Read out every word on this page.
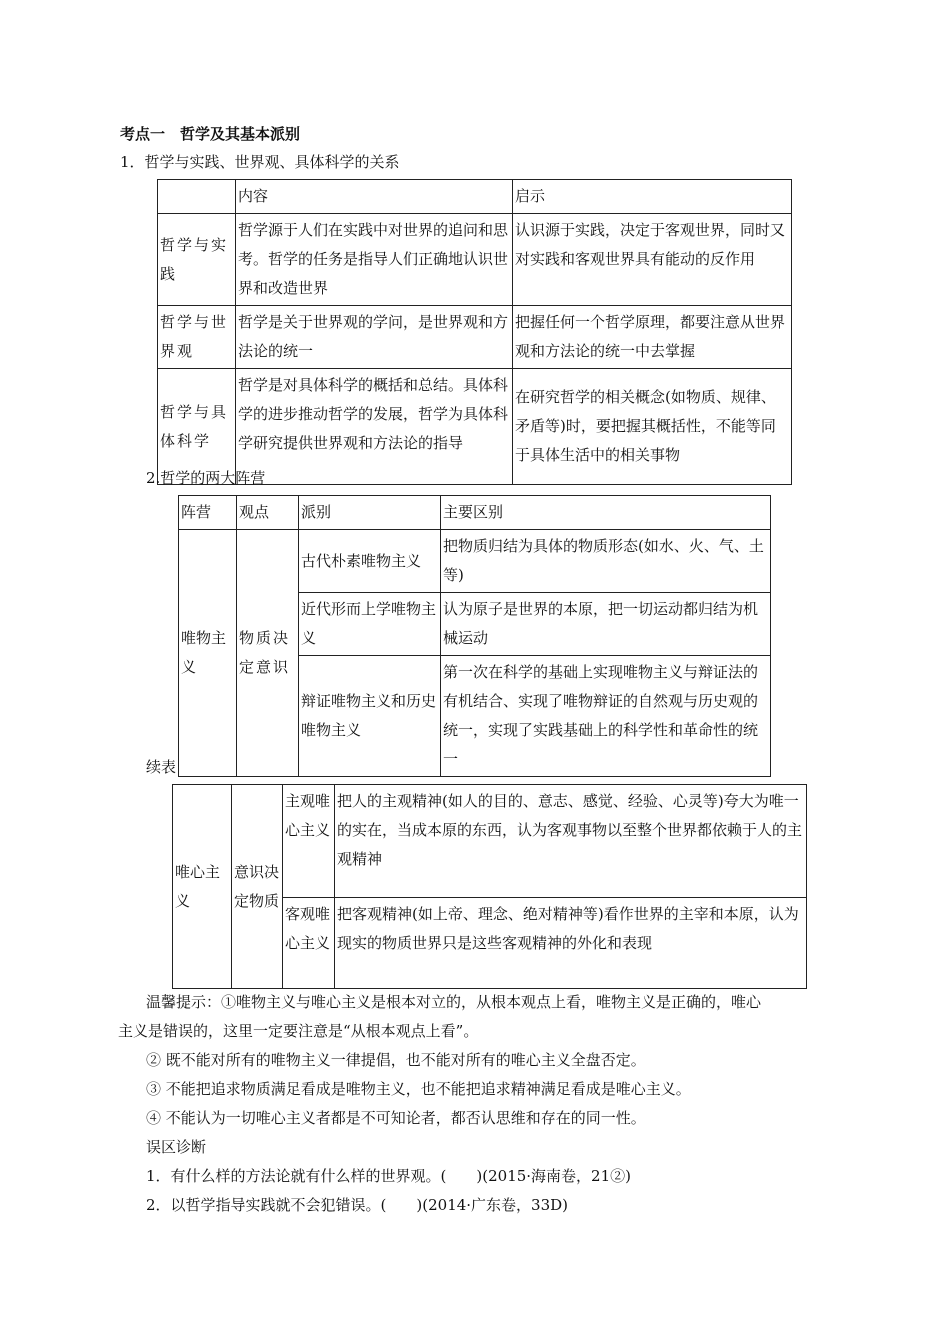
考点一　哲学及其基本派别
1．哲学与实践、世界观、具体科学的关系
	内容	启示
哲学与实践	哲学源于人们在实践中对世界的追问和思考。哲学的任务是指导人们正确地认识世界和改造世界	认识源于实践，决定于客观世界，同时又对实践和客观世界具有能动的反作用
哲学与世界观	哲学是关于世界观的学问，是世界观和方法论的统一	把握任何一个哲学原理，都要注意从世界观和方法论的统一中去掌握
哲学与具体科学	哲学是对具体科学的概括和总结。具体科学的进步推动哲学的发展，哲学为具体科学研究提供世界观和方法论的指导	在研究哲学的相关概念(如物质、规律、矛盾等)时，要把握其概括性，不能等同于具体生活中的相关事物
2.哲学的两大阵营
阵营	观点	派别	主要区别
唯物主义	物质决定意识	古代朴素唯物主义	把物质归结为具体的物质形态(如水、火、气、土等)
		近代形而上学唯物主义	认为原子是世界的本原，把一切运动都归结为机械运动
		辩证唯物主义和历史唯物主义	第一次在科学的基础上实现唯物主义与辩证法的有机结合、实现了唯物辩证的自然观与历史观的统一，实现了实践基础上的科学性和革命性的统一
续表
唯心主义	意识决定物质	主观唯心主义	把人的主观精神(如人的目的、意志、感觉、经验、心灵等)夸大为唯一的实在，当成本原的东西，认为客观事物以至整个世界都依赖于人的主观精神
		客观唯心主义	把客观精神(如上帝、理念、绝对精神等)看作世界的主宰和本原，认为现实的物质世界只是这些客观精神的外化和表现
温馨提示：①唯物主义与唯心主义是根本对立的，从根本观点上看，唯物主义是正确的，唯心
主义是错误的，这里一定要注意是“从根本观点上看”。
② 既不能对所有的唯物主义一律提倡，也不能对所有的唯心主义全盘否定。
③ 不能把追求物质满足看成是唯物主义，也不能把追求精神满足看成是唯心主义。
④ 不能认为一切唯心主义者都是不可知论者，都否认思维和存在的同一性。
误区诊断
1．有什么样的方法论就有什么样的世界观。(　　)(2015·海南卷，21②)
2．以哲学指导实践就不会犯错误。(　　)(2014·广东卷，33D)
